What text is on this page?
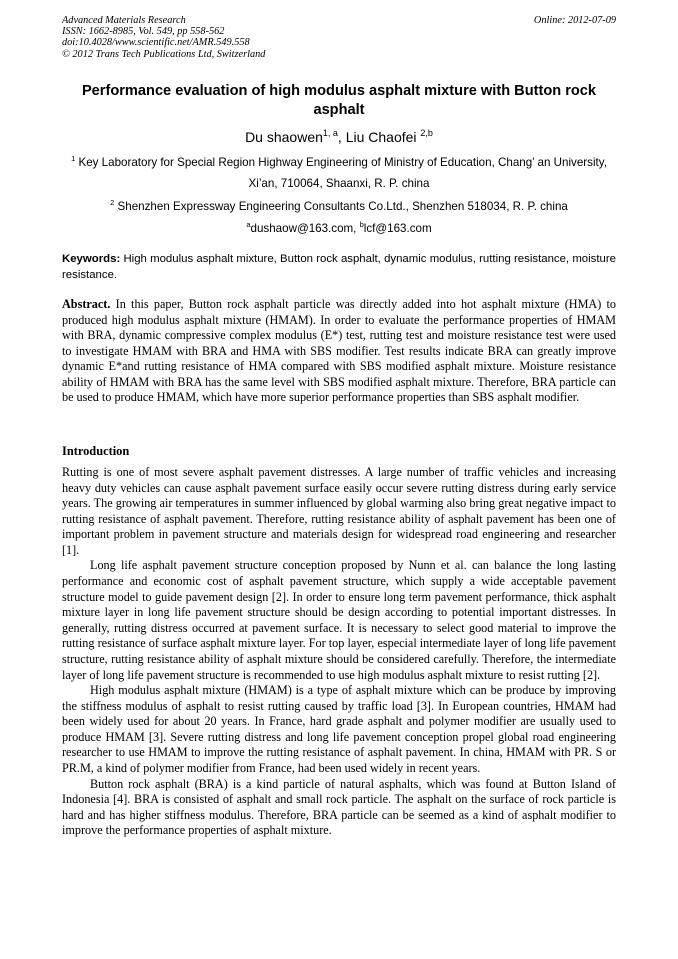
Advanced Materials Research
ISSN: 1662-8985, Vol. 549, pp 558-562
doi:10.4028/www.scientific.net/AMR.549.558
© 2012 Trans Tech Publications Ltd, Switzerland
Online: 2012-07-09
Performance evaluation of high modulus asphalt mixture with Button rock asphalt
Du shaowen$^{1, a}$, Liu Chaofei $^{2,b}$
$^1$ Key Laboratory for Special Region Highway Engineering of Ministry of Education, Chang’ an University, Xi’an, 710064, Shaanxi, R. P. china
$^2$ Shenzhen Expressway Engineering Consultants Co.Ltd., Shenzhen 518034, R. P. china
$^a$dushaow@163.com, $^b$lcf@163.com
Keywords: High modulus asphalt mixture, Button rock asphalt, dynamic modulus, rutting resistance, moisture resistance.
Abstract. In this paper, Button rock asphalt particle was directly added into hot asphalt mixture (HMA) to produced high modulus asphalt mixture (HMAM). In order to evaluate the performance properties of HMAM with BRA, dynamic compressive complex modulus (E*) test, rutting test and moisture resistance test were used to investigate HMAM with BRA and HMA with SBS modifier. Test results indicate BRA can greatly improve dynamic E*and rutting resistance of HMA compared with SBS modified asphalt mixture. Moisture resistance ability of HMAM with BRA has the same level with SBS modified asphalt mixture. Therefore, BRA particle can be used to produce HMAM, which have more superior performance properties than SBS asphalt modifier.
Introduction

Rutting is one of most severe asphalt pavement distresses. A large number of traffic vehicles and increasing heavy duty vehicles can cause asphalt pavement surface easily occur severe rutting distress during early service years. The growing air temperatures in summer influenced by global warming also bring great negative impact to rutting resistance of asphalt pavement. Therefore, rutting resistance ability of asphalt pavement has been one of important problem in pavement structure and materials design for widespread road engineering and researcher [1].

Long life asphalt pavement structure conception proposed by Nunn et al. can balance the long lasting performance and economic cost of asphalt pavement structure, which supply a wide acceptable pavement structure model to guide pavement design [2]. In order to ensure long term pavement performance, thick asphalt mixture layer in long life pavement structure should be design according to potential important distresses. In generally, rutting distress occurred at pavement surface. It is necessary to select good material to improve the rutting resistance of surface asphalt mixture layer. For top layer, especial intermediate layer of long life pavement structure, rutting resistance ability of asphalt mixture should be considered carefully. Therefore, the intermediate layer of long life pavement structure is recommended to use high modulus asphalt mixture to resist rutting [2].

High modulus asphalt mixture (HMAM) is a type of asphalt mixture which can be produce by improving the stiffness modulus of asphalt to resist rutting caused by traffic load [3]. In European countries, HMAM had been widely used for about 20 years. In France, hard grade asphalt and polymer modifier are usually used to produce HMAM [3]. Severe rutting distress and long life pavement conception propel global road engineering researcher to use HMAM to improve the rutting resistance of asphalt pavement. In china, HMAM with PR. S or PR.M, a kind of polymer modifier from France, had been used widely in recent years.

Button rock asphalt (BRA) is a kind particle of natural asphalts, which was found at Button Island of Indonesia [4]. BRA is consisted of asphalt and small rock particle. The asphalt on the surface of rock particle is hard and has higher stiffness modulus. Therefore, BRA particle can be seemed as a kind of asphalt modifier to improve the performance properties of asphalt mixture.
